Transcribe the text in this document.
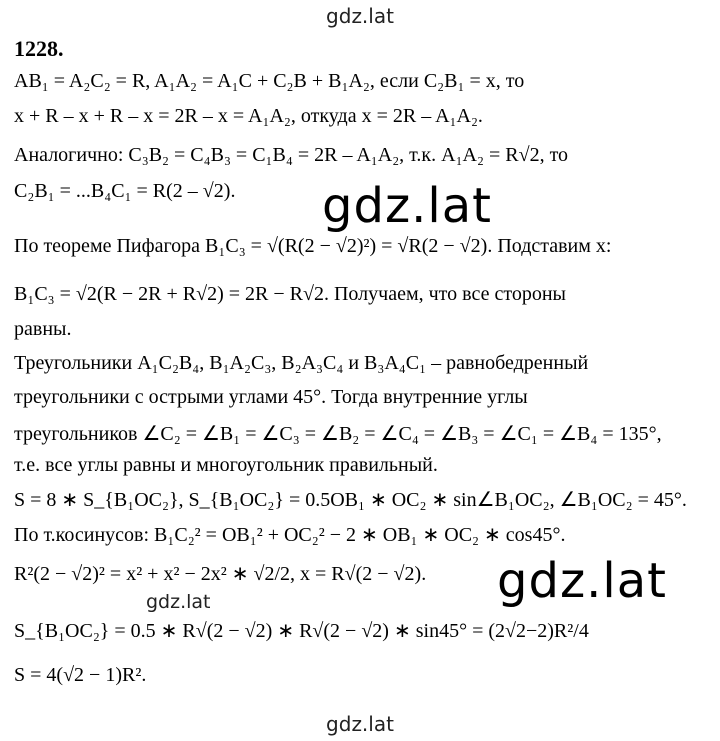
gdz.lat
gdz.lat
gdz.lat
gdz.lat
gdz.lat
1228.
AB₁ = A₂C₂ = R, A₁A₂ = A₁C + C₂B + B₁A₂, если C₂B₁ = x, то
x + R – x + R – x = 2R – x = A₁A₂, откуда x = 2R – A₁A₂.
Аналогично: C₃B₂ = C₄B₃ = C₁B₄ = 2R – A₁A₂, т.к. A₁A₂ = R√2, то
C₂B₁ = ...B₄C₁ = R(2 – √2).
По теореме Пифагора B₁C₃ = √(R(2 − √2)²) = √R(2 − √2). Подставим x:
B₁C₃ = √2(R − 2R + R√2) = 2R − R√2. Получаем, что все стороны
равны.
Треугольники A₁C₂B₄, B₁A₂C₃, B₂A₃C₄ и B₃A₄C₁ – равнобедренный
треугольники с острыми углами 45°. Тогда внутренние углы
треугольников ∠C₂ = ∠B₁ = ∠C₃ = ∠B₂ = ∠C₄ = ∠B₃ = ∠C₁ = ∠B₄ = 135°,
т.е. все углы равны и многоугольник правильный.
S = 8 ∗ S_{B₁OC₂}, S_{B₁OC₂} = 0.5OB₁ ∗ OC₂ ∗ sin∠B₁OC₂, ∠B₁OC₂ = 45°.
По т.косинусов: B₁C₂² = OB₁² + OC₂² − 2 ∗ OB₁ ∗ OC₂ ∗ cos45°.
R²(2 − √2)² = x² + x² − 2x² ∗ √2/2, x = R√(2 − √2).
S_{B₁OC₂} = 0.5 ∗ R√(2 − √2) ∗ R√(2 − √2) ∗ sin45° = (2√2−2)R²/4
S = 4(√2 − 1)R².
